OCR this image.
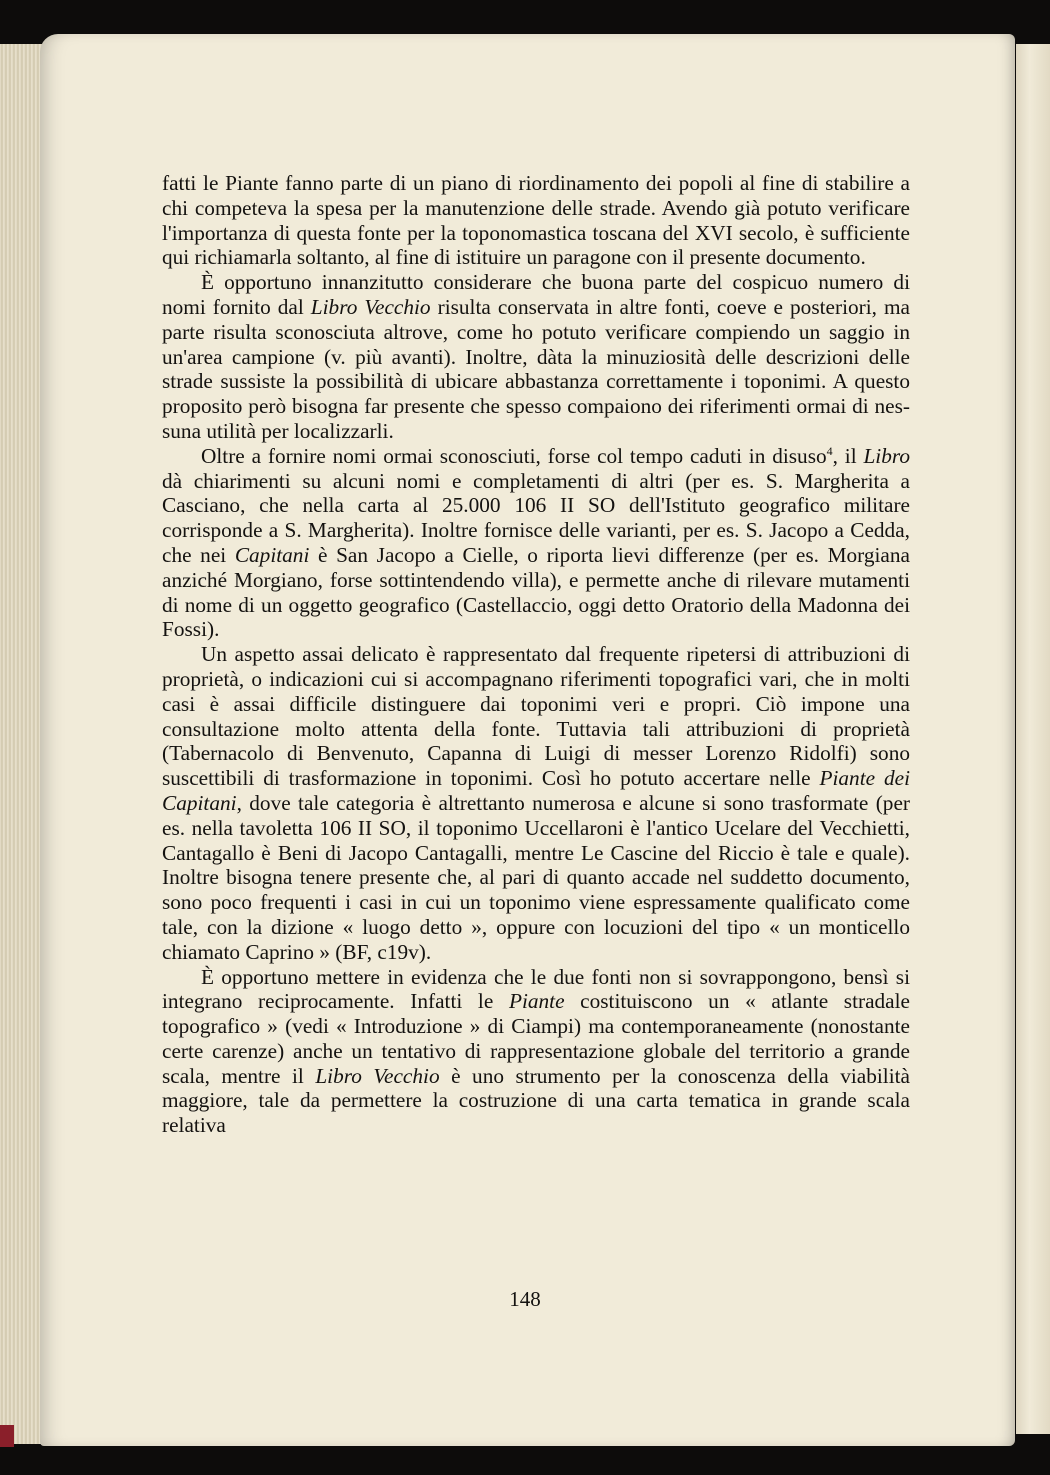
fatti le Piante fanno parte di un piano di riordinamento dei popoli al fine di stabilire a chi competeva la spesa per la manutenzione delle strade. Avendo già potuto verificare l'importanza di questa fonte per la toponomastica toscana del XVI secolo, è sufficiente qui richiamarla soltanto, al fine di istituire un paragone con il presente documento.

È opportuno innanzitutto considerare che buona parte del cospicuo numero di nomi fornito dal Libro Vecchio risulta conservata in altre fonti, coeve e posteriori, ma parte risulta sconosciuta altrove, come ho potuto verificare compiendo un saggio in un'area campione (v. più avanti). Inoltre, dàta la minuziosità delle descrizioni delle strade sussiste la possibilità di ubicare abbastanza correttamente i toponimi. A questo proposito però bisogna far presente che spesso compaiono dei riferimenti ormai di nessuna utilità per localizzarli.

Oltre a fornire nomi ormai sconosciuti, forse col tempo caduti in disuso$^4$, il Libro dà chiarimenti su alcuni nomi e completamenti di altri (per es. S. Margherita a Casciano, che nella carta al 25.000 106 II SO dell'Istituto geografico militare corrisponde a S. Margherita). Inoltre fornisce delle varianti, per es. S. Jacopo a Cedda, che nei Capitani è San Jacopo a Cielle, o riporta lievi differenze (per es. Morgiana anziché Morgiano, forse sottintendendo villa), e permette anche di rilevare mutamenti di nome di un oggetto geografico (Castellaccio, oggi detto Oratorio della Madonna dei Fossi).

Un aspetto assai delicato è rappresentato dal frequente ripetersi di attribuzioni di proprietà, o indicazioni cui si accompagnano riferimenti topografici vari, che in molti casi è assai difficile distinguere dai toponimi veri e propri. Ciò impone una consultazione molto attenta della fonte. Tuttavia tali attribuzioni di proprietà (Tabernacolo di Benvenuto, Capanna di Luigi di messer Lorenzo Ridolfi) sono suscettibili di trasformazione in toponimi. Così ho potuto accertare nelle Piante dei Capitani, dove tale categoria è altrettanto numerosa e alcune si sono trasformate (per es. nella tavoletta 106 II SO, il toponimo Uccellaroni è l'antico Ucelare del Vecchietti, Cantagallo è Beni di Jacopo Cantagalli, mentre Le Cascine del Riccio è tale e quale). Inoltre bisogna tenere presente che, al pari di quanto accade nel suddetto documento, sono poco frequenti i casi in cui un toponimo viene espressamente qualificato come tale, con la dizione « luogo detto », oppure con locuzioni del tipo « un monticello chiamato Caprino » (BF, c19v).

È opportuno mettere in evidenza che le due fonti non si sovrappongono, bensì si integrano reciprocamente. Infatti le Piante costituiscono un « atlante stradale topografico » (vedi « Introduzione » di Ciampi) ma contemporaneamente (nonostante certe carenze) anche un tentativo di rappresentazione globale del territorio a grande scala, mentre il Libro Vecchio è uno strumento per la conoscenza della viabilità maggiore, tale da permettere la costruzione di una carta tematica in grande scala relativa

148
